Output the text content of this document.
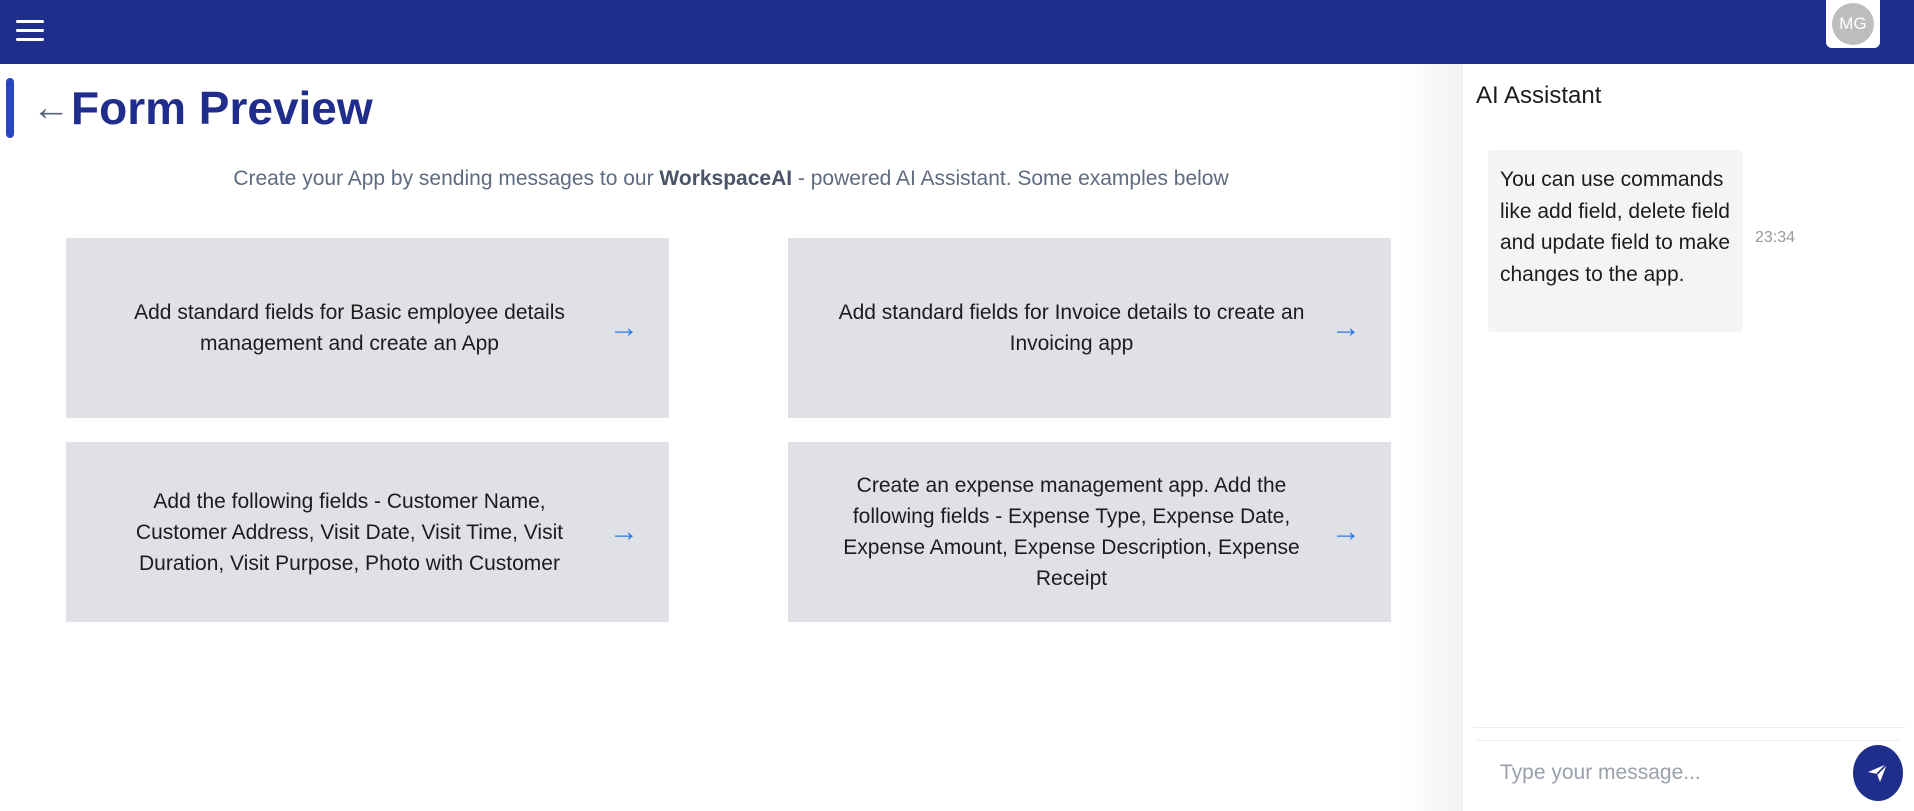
MG
← Form Preview

Create your App by sending messages to our WorkspaceAI - powered AI Assistant. Some examples below

Add standard fields for Basic employee details management and create an App	→	Add standard fields for Invoice details to create an Invoicing app	→
Add the following fields - Customer Name, Customer Address, Visit Date, Visit Time, Visit Duration, Visit Purpose, Photo with Customer
→
Create an expense management app. Add the following fields - Expense Type, Expense Date, Expense Amount, Expense Description, Expense Receipt
→
AI Assistant
You can use commands like add field, delete field and update field to make changes to the app.
23:34
Type your message...
